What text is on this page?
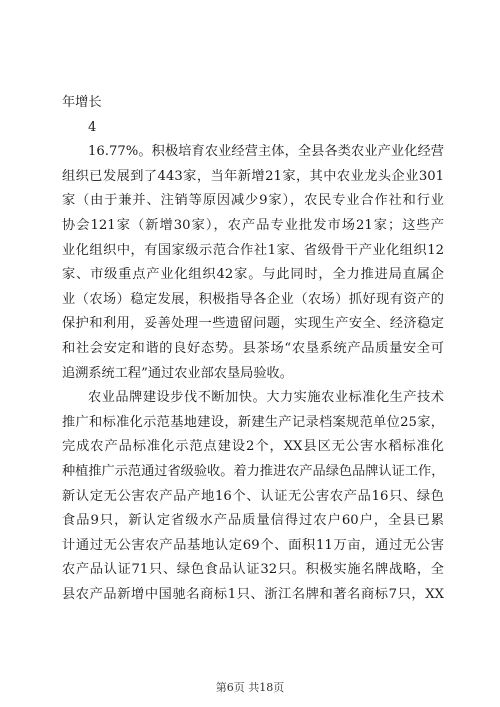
年增长
4
16.77%。积极培育农业经营主体，全县各类农业产业化经营
组织已发展到了443家，当年新增21家，其中农业龙头企业301
家（由于兼并、注销等原因减少9家），农民专业合作社和行业
协会121家（新增30家），农产品专业批发市场21家；这些产
业化组织中，有国家级示范合作社1家、省级骨干产业化组织12
家、市级重点产业化组织42家。与此同时，全力推进局直属企
业（农场）稳定发展，积极指导各企业（农场）抓好现有资产的
保护和利用，妥善处理一些遗留问题，实现生产安全、经济稳定
和社会安定和谐的良好态势。县茶场“农垦系统产品质量安全可
追溯系统工程”通过农业部农垦局验收。
农业品牌建设步伐不断加快。大力实施农业标准化生产技术
推广和标准化示范基地建设，新建生产记录档案规范单位25家，
完成农产品标准化示范点建设2个，XX县区无公害水稻标准化
种植推广示范通过省级验收。着力推进农产品绿色品牌认证工作，
新认定无公害农产品产地16个、认证无公害农产品16只、绿色
食品9只，新认定省级水产品质量信得过农户60户，全县已累
计通过无公害农产品基地认定69个、面积11万亩，通过无公害
农产品认证71只、绿色食品认证32只。积极实施名牌战略，全
县农产品新增中国驰名商标1只、浙江名牌和著名商标7只，XX
第6页 共18页
